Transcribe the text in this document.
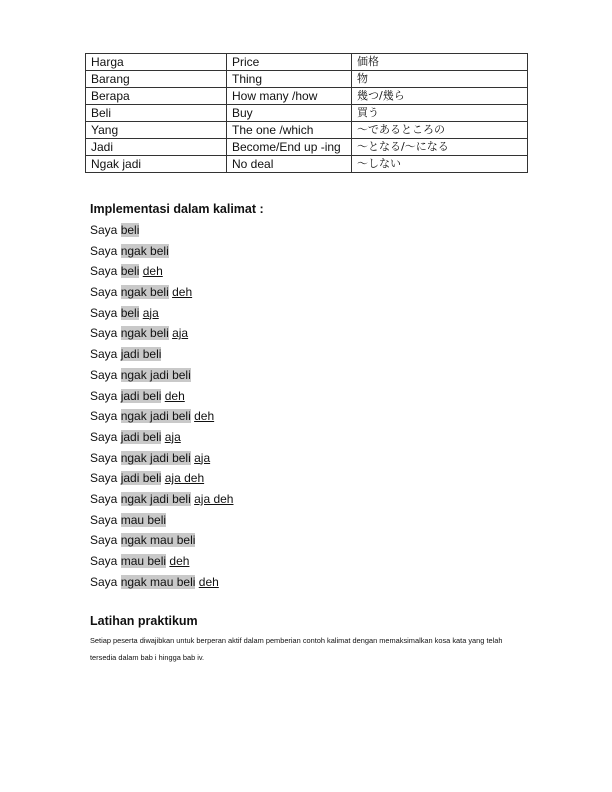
Harga	Price	価格
Barang	Thing	物
Berapa	How many /how	幾つ/幾ら
Beli	Buy	買う
Yang	The one /which	〜であるところの
Jadi	Become/End up -ing	〜となる/〜になる
Ngak jadi	No deal	〜しない
Implementasi dalam kalimat :
Saya beli
Saya ngak beli
Saya beli deh
Saya ngak beli deh
Saya beli aja
Saya ngak beli aja
Saya jadi beli
Saya ngak jadi beli
Saya jadi beli deh
Saya ngak jadi beli deh
Saya jadi beli aja
Saya ngak jadi beli aja
Saya jadi beli aja deh
Saya ngak jadi beli aja deh
Saya mau beli
Saya ngak mau beli
Saya mau beli deh
Saya ngak mau beli deh
Latihan praktikum

Setiap peserta diwajibkan untuk berperan aktif dalam pemberian contoh kalimat dengan memaksimalkan kosa kata yang telah tersedia dalam bab i hingga bab iv.
